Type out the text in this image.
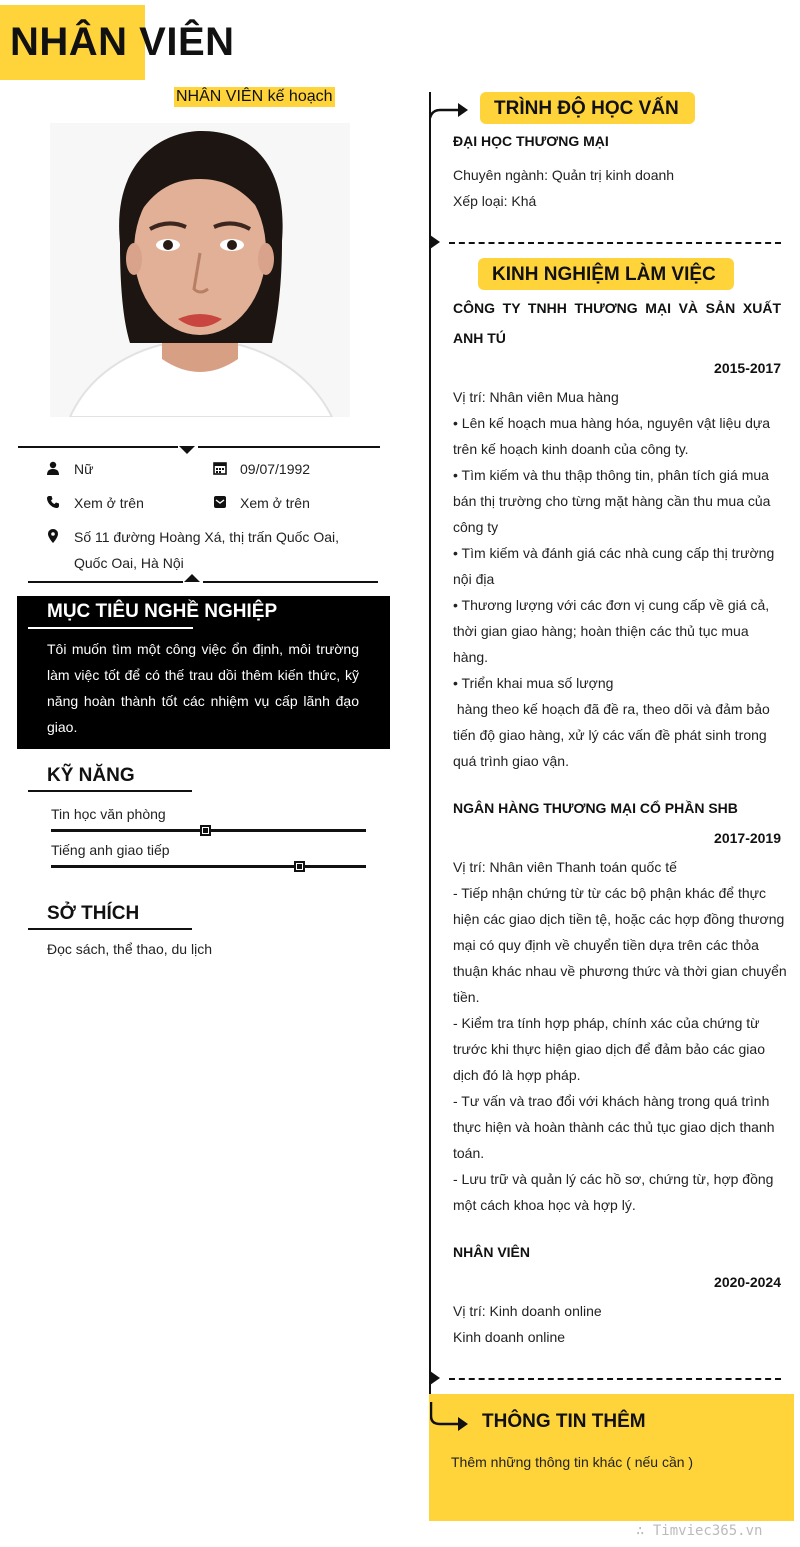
NHÂN VIÊN
NHÂN VIÊN kế hoạch
Nữ	09/07/1992
Xem ở trên	Xem ở trên
Số 11 đường Hoàng Xá, thị trấn Quốc Oai,
Quốc Oai, Hà Nội
MỤC TIÊU NGHỀ NGHIỆP
Tôi muốn tìm một công việc ổn định, môi trường làm việc tốt để có thế trau dồi thêm kiến thức, kỹ năng hoàn thành tốt các nhiệm vụ cấp lãnh đạo giao.
KỸ NĂNG
Tin học văn phòng
Tiếng anh giao tiếp
SỞ THÍCH
Đọc sách, thể thao, du lịch
TRÌNH ĐỘ HỌC VẤN
ĐẠI HỌC THƯƠNG MẠI
Chuyên ngành: Quản trị kinh doanh
Xếp loại: Khá
KINH NGHIỆM LÀM VIỆC
CÔNG TY TNHH THƯƠNG MẠI VÀ SẢN XUẤT
ANH TÚ
2015-2017
Vị trí: Nhân viên Mua hàng
• Lên kế hoạch mua hàng hóa, nguyên vật liệu dựa
trên kế hoạch kinh doanh của công ty.
• Tìm kiếm và thu thập thông tin, phân tích giá mua
bán thị trường cho từng mặt hàng cần thu mua của
công ty
• Tìm kiếm và đánh giá các nhà cung cấp thị trường
nội địa
• Thương lượng với các đơn vị cung cấp về giá cả,
thời gian giao hàng; hoàn thiện các thủ tục mua
hàng.
• Triển khai mua số lượng
hàng theo kế hoạch đã đề ra, theo dõi và đảm bảo
tiến độ giao hàng, xử lý các vấn đề phát sinh trong
quá trình giao vận.
NGÂN HÀNG THƯƠNG MẠI CỔ PHẦN SHB
2017-2019
Vị trí: Nhân viên Thanh toán quốc tế
- Tiếp nhận chứng từ từ các bộ phận khác để thực
hiện các giao dịch tiền tệ, hoặc các hợp đồng thương
mại có quy định về chuyển tiền dựa trên các thỏa
thuận khác nhau về phương thức và thời gian chuyển
tiền.
- Kiểm tra tính hợp pháp, chính xác của chứng từ
trước khi thực hiện giao dịch để đảm bảo các giao
dịch đó là hợp pháp.
- Tư vấn và trao đổi với khách hàng trong quá trình
thực hiện và hoàn thành các thủ tục giao dịch thanh
toán.
- Lưu trữ và quản lý các hồ sơ, chứng từ, hợp đồng
một cách khoa học và hợp lý.
NHÂN VIÊN
2020-2024
Vị trí: Kinh doanh online
Kinh doanh online
THÔNG TIN THÊM
Thêm những thông tin khác ( nếu cần )
∴ Timviec365.vn
